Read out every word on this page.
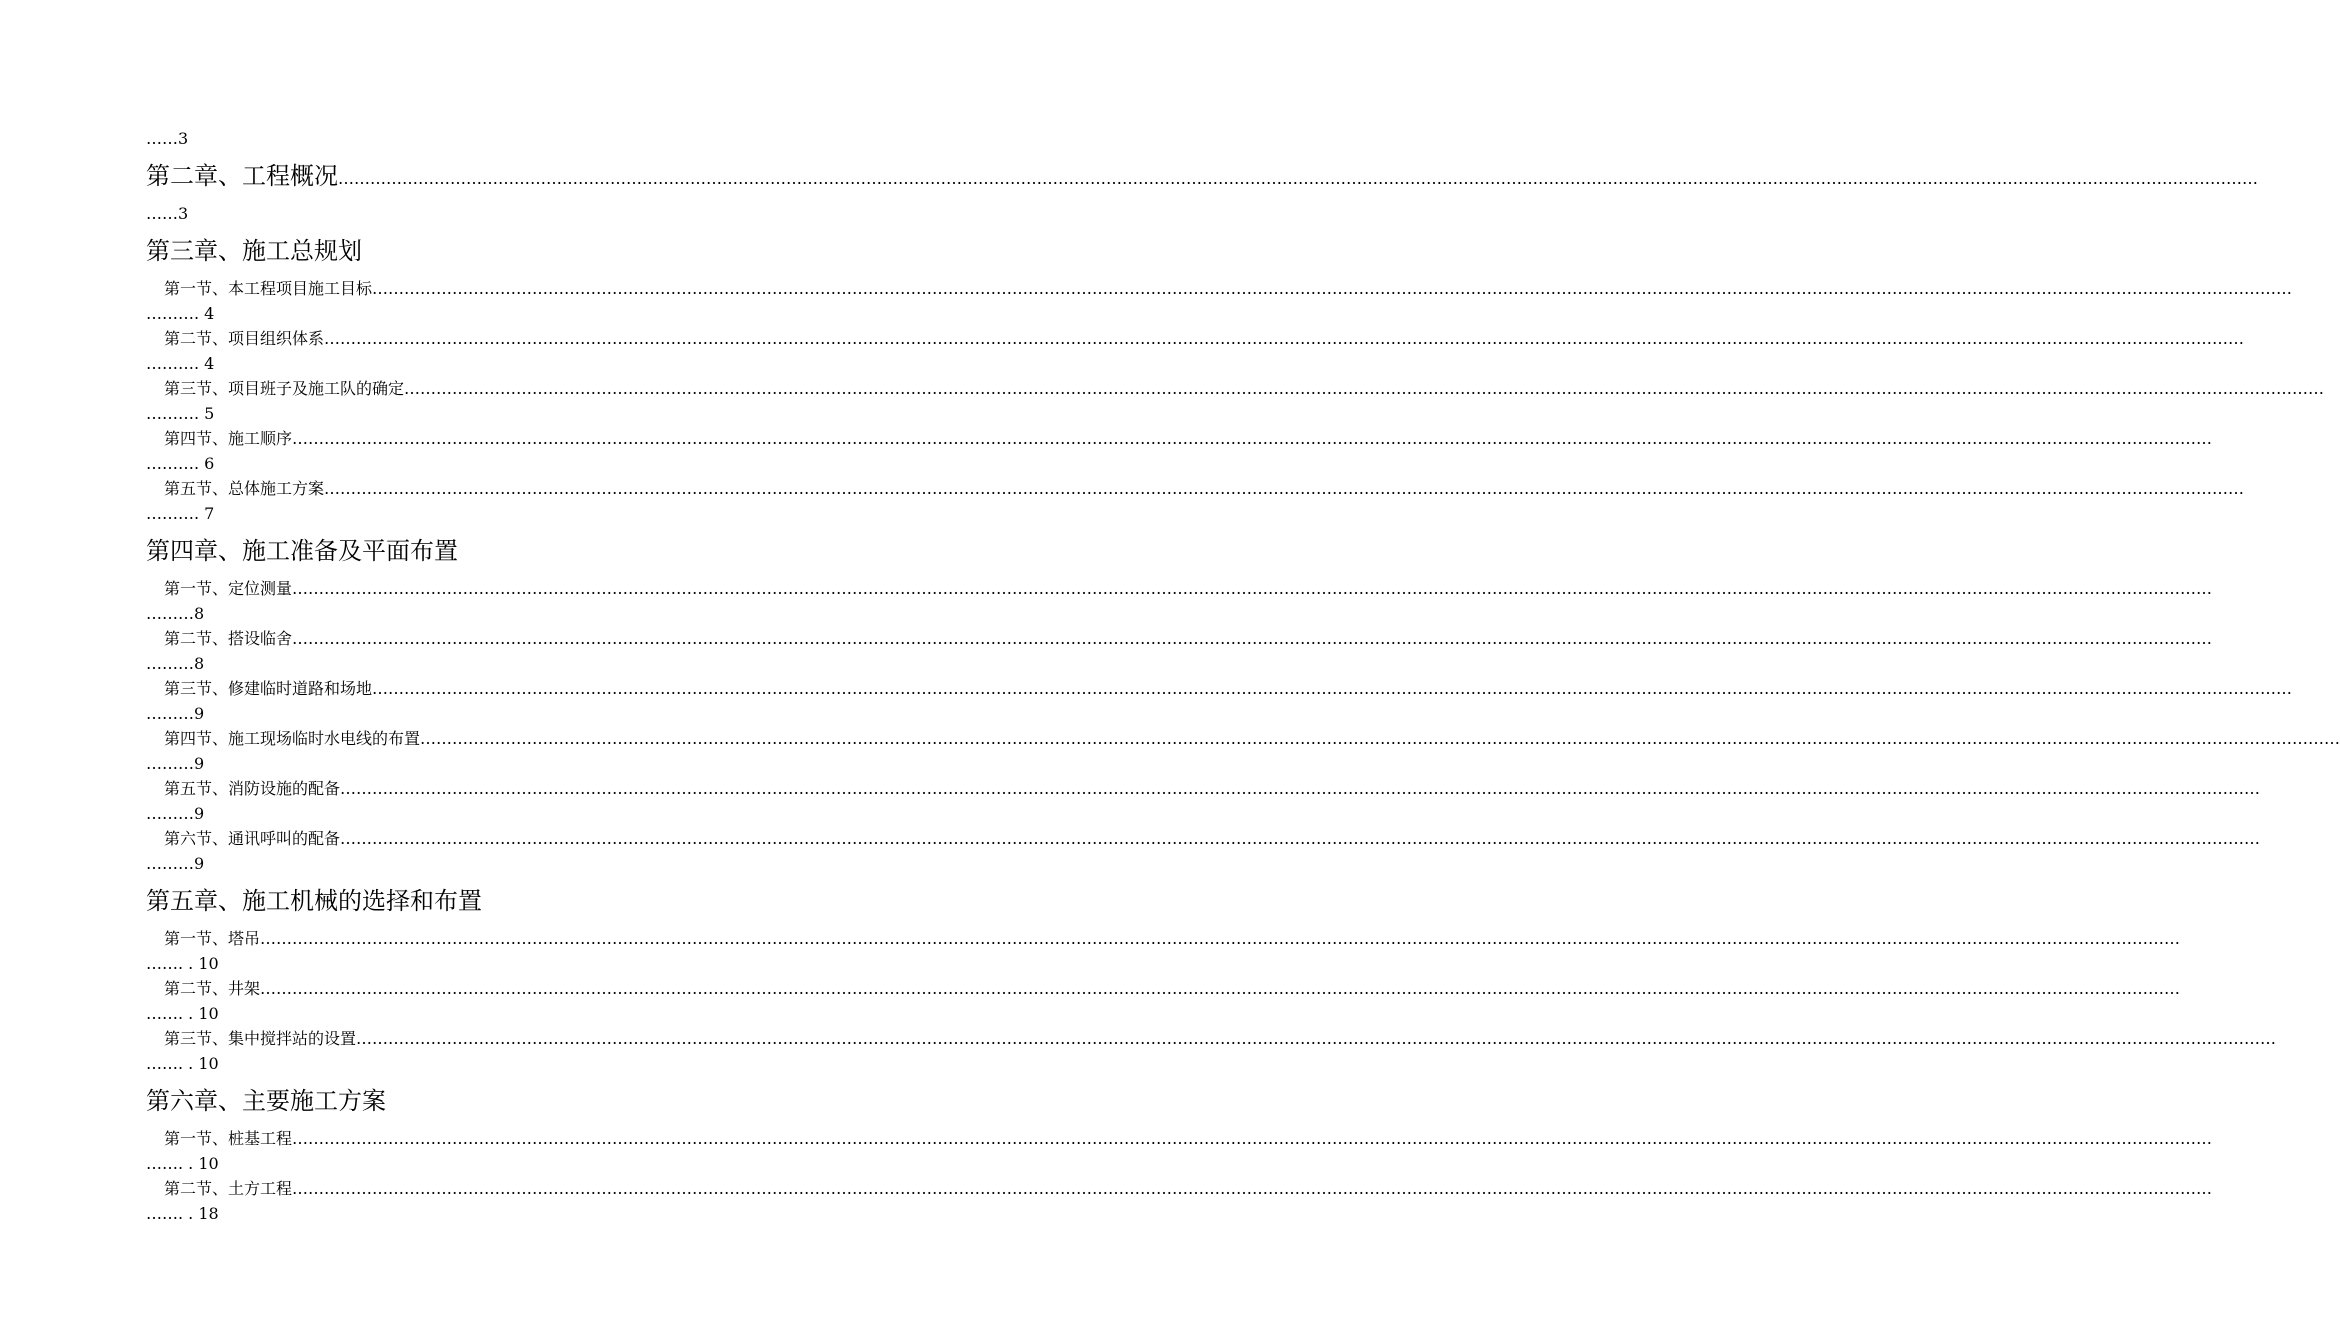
……3
第二章、工程概况 ………………………………………………………………………………………………………………………………………………………………………………………………………………………………………………………………………………………………………………………………
……3
第三章、施工总规划
第一节、本工程项目施工目标 ………………………………………………………………………………………………………………………………………………………………………………………………………………………………………………………………………………………………………………………………
………. 4
第二节、项目组织体系 ………………………………………………………………………………………………………………………………………………………………………………………………………………………………………………………………………………………………………………………………
………. 4
第三节、项目班子及施工队的确定 ………………………………………………………………………………………………………………………………………………………………………………………………………………………………………………………………………………………………………………………………
………. 5
第四节、施工顺序 ………………………………………………………………………………………………………………………………………………………………………………………………………………………………………………………………………………………………………………………………
………. 6
第五节、总体施工方案 ………………………………………………………………………………………………………………………………………………………………………………………………………………………………………………………………………………………………………………………………
………. 7
第四章、施工准备及平面布置
第一节、定位测量 ………………………………………………………………………………………………………………………………………………………………………………………………………………………………………………………………………………………………………………………………
………8
第二节、搭设临舍 ………………………………………………………………………………………………………………………………………………………………………………………………………………………………………………………………………………………………………………………………
………8
第三节、修建临时道路和场地 ………………………………………………………………………………………………………………………………………………………………………………………………………………………………………………………………………………………………………………………………
………9
第四节、施工现场临时水电线的布置 ………………………………………………………………………………………………………………………………………………………………………………………………………………………………………………………………………………………………………………………………
………9
第五节、消防设施的配备 ………………………………………………………………………………………………………………………………………………………………………………………………………………………………………………………………………………………………………………………………
………9
第六节、通讯呼叫的配备 ………………………………………………………………………………………………………………………………………………………………………………………………………………………………………………………………………………………………………………………………
………9
第五章、施工机械的选择和布置
第一节、塔吊 ………………………………………………………………………………………………………………………………………………………………………………………………………………………………………………………………………………………………………………………………
……. . 10
第二节、井架 ………………………………………………………………………………………………………………………………………………………………………………………………………………………………………………………………………………………………………………………………
……. . 10
第三节、集中搅拌站的设置 ………………………………………………………………………………………………………………………………………………………………………………………………………………………………………………………………………………………………………………………………
……. . 10
第六章、主要施工方案
第一节、桩基工程 ………………………………………………………………………………………………………………………………………………………………………………………………………………………………………………………………………………………………………………………………
……. . 10
第二节、土方工程 ………………………………………………………………………………………………………………………………………………………………………………………………………………………………………………………………………………………………………………………………
……. . 18
